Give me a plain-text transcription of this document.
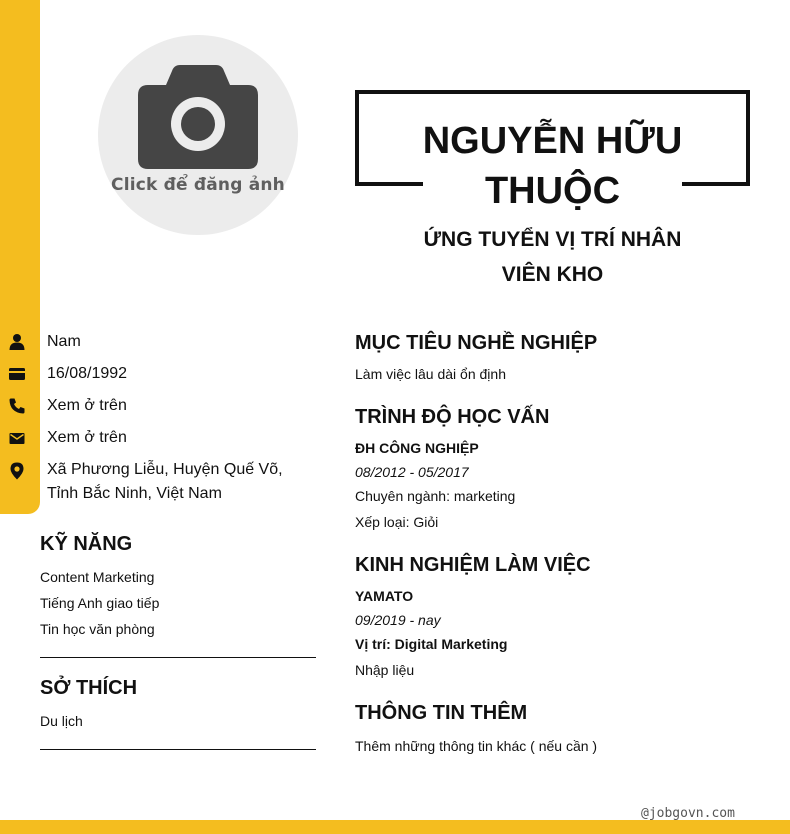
Click để đăng ảnh
NGUYỄN HỮU THUỘC
ỨNG TUYỂN VỊ TRÍ NHÂN VIÊN KHO
Nam
16/08/1992
Xem ở trên
Xem ở trên
Xã Phương Liễu, Huyện Quế Võ, Tỉnh Bắc Ninh, Việt Nam
KỸ NĂNG
Content Marketing
Tiếng Anh giao tiếp
Tin học văn phòng
SỞ THÍCH
Du lịch
MỤC TIÊU NGHỀ NGHIỆP
Làm việc lâu dài ổn định
TRÌNH ĐỘ HỌC VẤN
ĐH CÔNG NGHIỆP
08/2012 - 05/2017
Chuyên ngành: marketing
Xếp loại: Giỏi
KINH NGHIỆM LÀM VIỆC
YAMATO
09/2019 - nay
Vị trí: Digital Marketing
Nhập liệu
THÔNG TIN THÊM
Thêm những thông tin khác ( nếu cần )
@jobgovn.com
